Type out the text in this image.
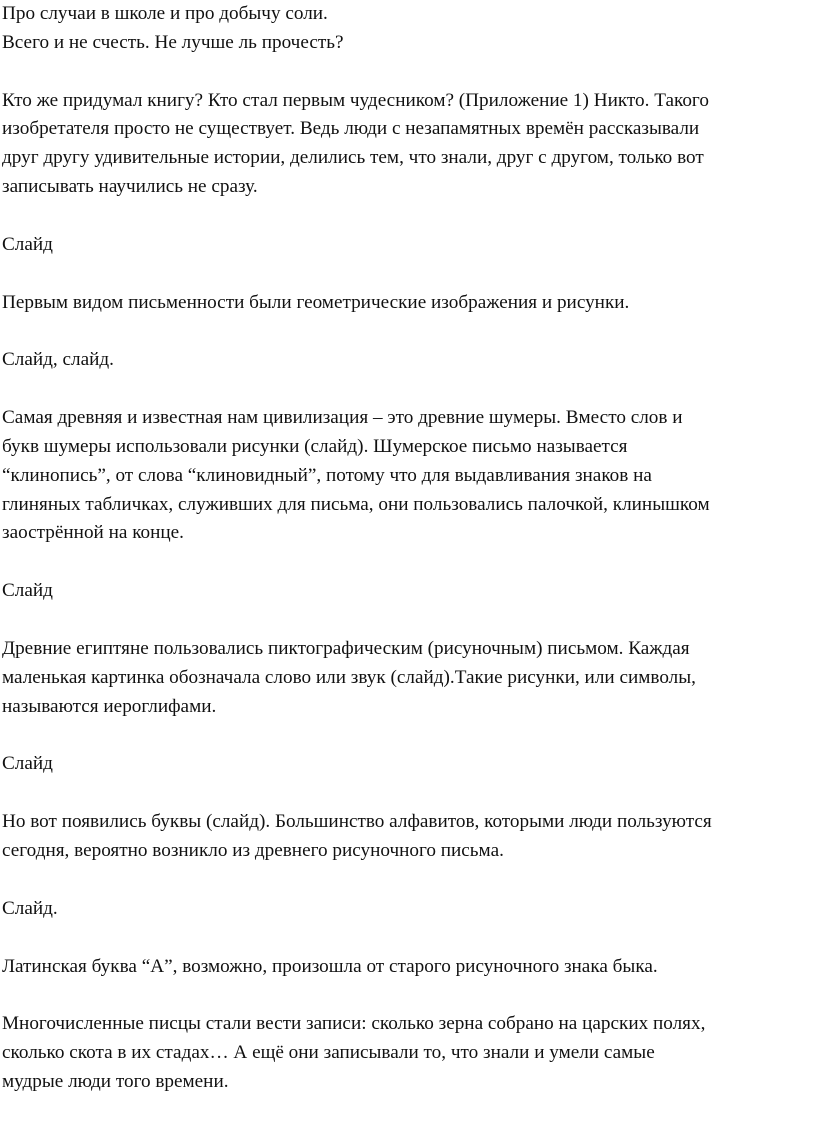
Про случаи в школе и про добычу соли.
Всего и не счесть. Не лучше ль прочесть?
Кто же придумал книгу? Кто стал первым чудесником? (Приложение 1) Никто. Такого
изобретателя просто не существует. Ведь люди с незапамятных времён рассказывали
друг другу удивительные истории, делились тем, что знали, друг с другом, только вот
записывать научились не сразу.
Слайд
Первым видом письменности были геометрические изображения и рисунки.
Слайд, слайд.
Самая древняя и известная нам цивилизация – это древние шумеры. Вместо слов и
букв шумеры использовали рисунки (слайд). Шумерское письмо называется
“клинопись”, от слова “клиновидный”, потому что для выдавливания знаков на
глиняных табличках, служивших для письма, они пользовались палочкой, клинышком
заострённой на конце.
Слайд
Древние египтяне пользовались пиктографическим (рисуночным) письмом. Каждая
маленькая картинка обозначала слово или звук (слайд).Такие рисунки, или символы,
называются иероглифами.
Слайд
Но вот появились буквы (слайд). Большинство алфавитов, которыми люди пользуются
сегодня, вероятно возникло из древнего рисуночного письма.
Слайд.
Латинская буква “А”, возможно, произошла от старого рисуночного знака быка.
Многочисленные писцы стали вести записи: сколько зерна собрано на царских полях,
сколько скота в их стадах… А ещё они записывали то, что знали и умели самые
мудрые люди того времени.
